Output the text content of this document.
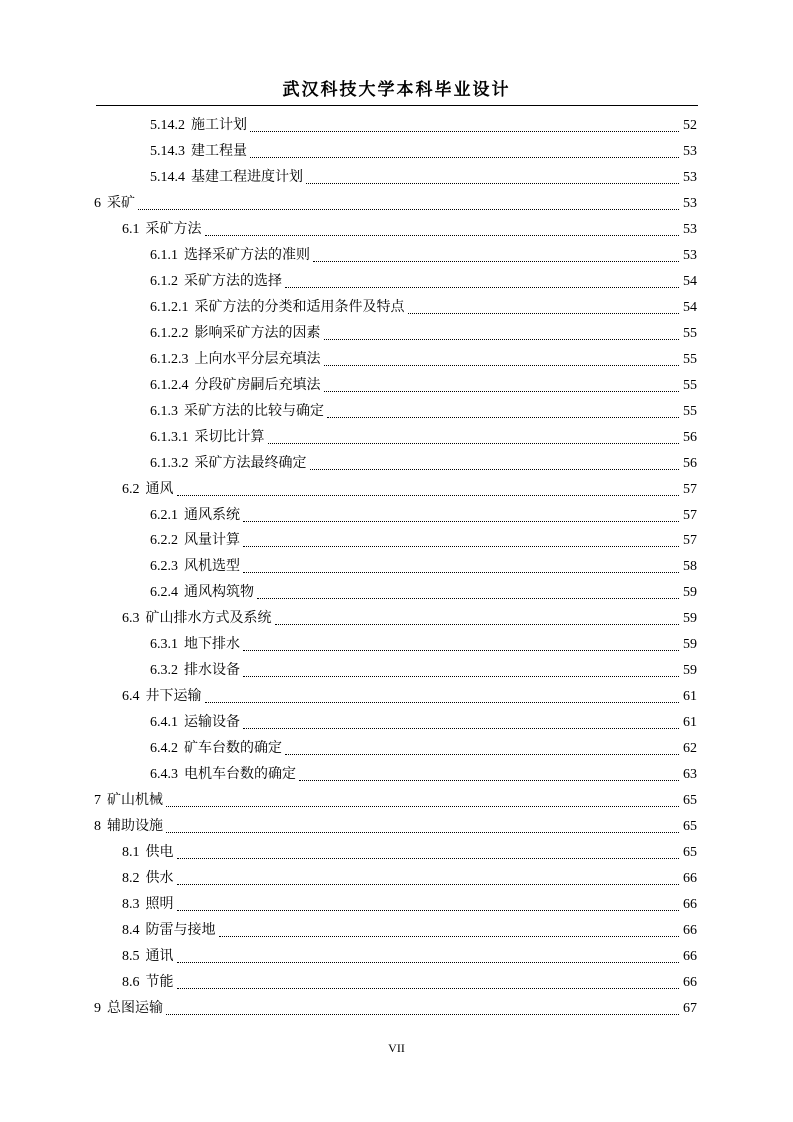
武汉科技大学本科毕业设计
5.14.2 施工计划	52
5.14.3 建工程量	53
5.14.4 基建工程进度计划	53
6 采矿	53
6.1 采矿方法	53
6.1.1 选择采矿方法的准则	53
6.1.2 采矿方法的选择	54
6.1.2.1 采矿方法的分类和适用条件及特点	54
6.1.2.2 影响采矿方法的因素	55
6.1.2.3 上向水平分层充填法	55
6.1.2.4 分段矿房嗣后充填法	55
6.1.3 采矿方法的比较与确定	55
6.1.3.1 采切比计算	56
6.1.3.2 采矿方法最终确定	56
6.2 通风	57
6.2.1 通风系统	57
6.2.2 风量计算	57
6.2.3 风机选型	58
6.2.4 通风构筑物	59
6.3 矿山排水方式及系统	59
6.3.1 地下排水	59
6.3.2 排水设备	59
6.4 井下运输	61
6.4.1 运输设备	61
6.4.2 矿车台数的确定	62
6.4.3 电机车台数的确定	63
7 矿山机械	65
8 辅助设施	65
8.1 供电	65
8.2 供水	66
8.3 照明	66
8.4 防雷与接地	66
8.5 通讯	66
8.6 节能	66
9 总图运输	67
VII
